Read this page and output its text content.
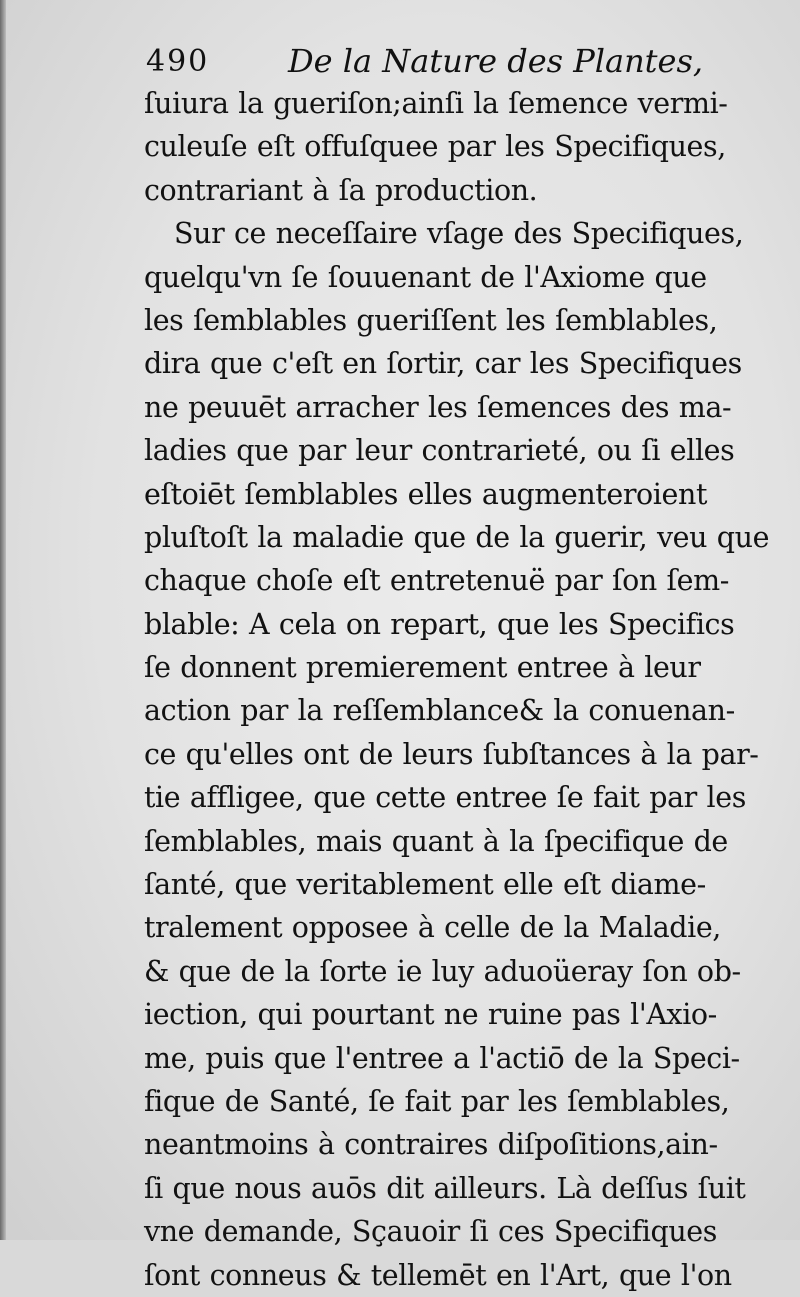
490 De la Nature des Plantes,
ſuiura la gueriſon;ainſi la ſemence vermi-
culeuſe eſt offuſquee par les Specifiques,
contrariant à ſa production.
Sur ce neceſſaire vſage des Specifiques,
quelqu'vn ſe ſouuenant de l'Axiome que
les ſemblables gueriſſent les ſemblables,
dira que c'eſt en ſortir, car les Specifiques
ne peuuēt arracher les ſemences des ma-
ladies que par leur contrarieté, ou ſi elles
eſtoiēt ſemblables elles augmenteroient
pluſtoſt la maladie que de la guerir, veu que
chaque choſe eſt entretenuë par ſon ſem-
blable: A cela on repart, que les Specifics
ſe donnent premierement entree à leur
action par la reſſemblance& la conuenan-
ce qu'elles ont de leurs ſubſtances à la par-
tie affligee, que cette entree ſe fait par les
ſemblables, mais quant à la ſpecifique de
ſanté, que veritablement elle eſt diame-
tralement opposee à celle de la Maladie,
& que de la ſorte ie luy aduoüeray ſon ob-
iection, qui pourtant ne ruine pas l'Axio-
me, puis que l'entree a l'actiō de la Speci-
fique de Santé, ſe fait par les ſemblables,
neantmoins à contraires diſpoſitions,ain-
ſi que nous auōs dit ailleurs. Là deſſus ſuit
vne demande, Sçauoir ſi ces Specifiques
ſont conneus & tellemēt en l'Art, que l'on
